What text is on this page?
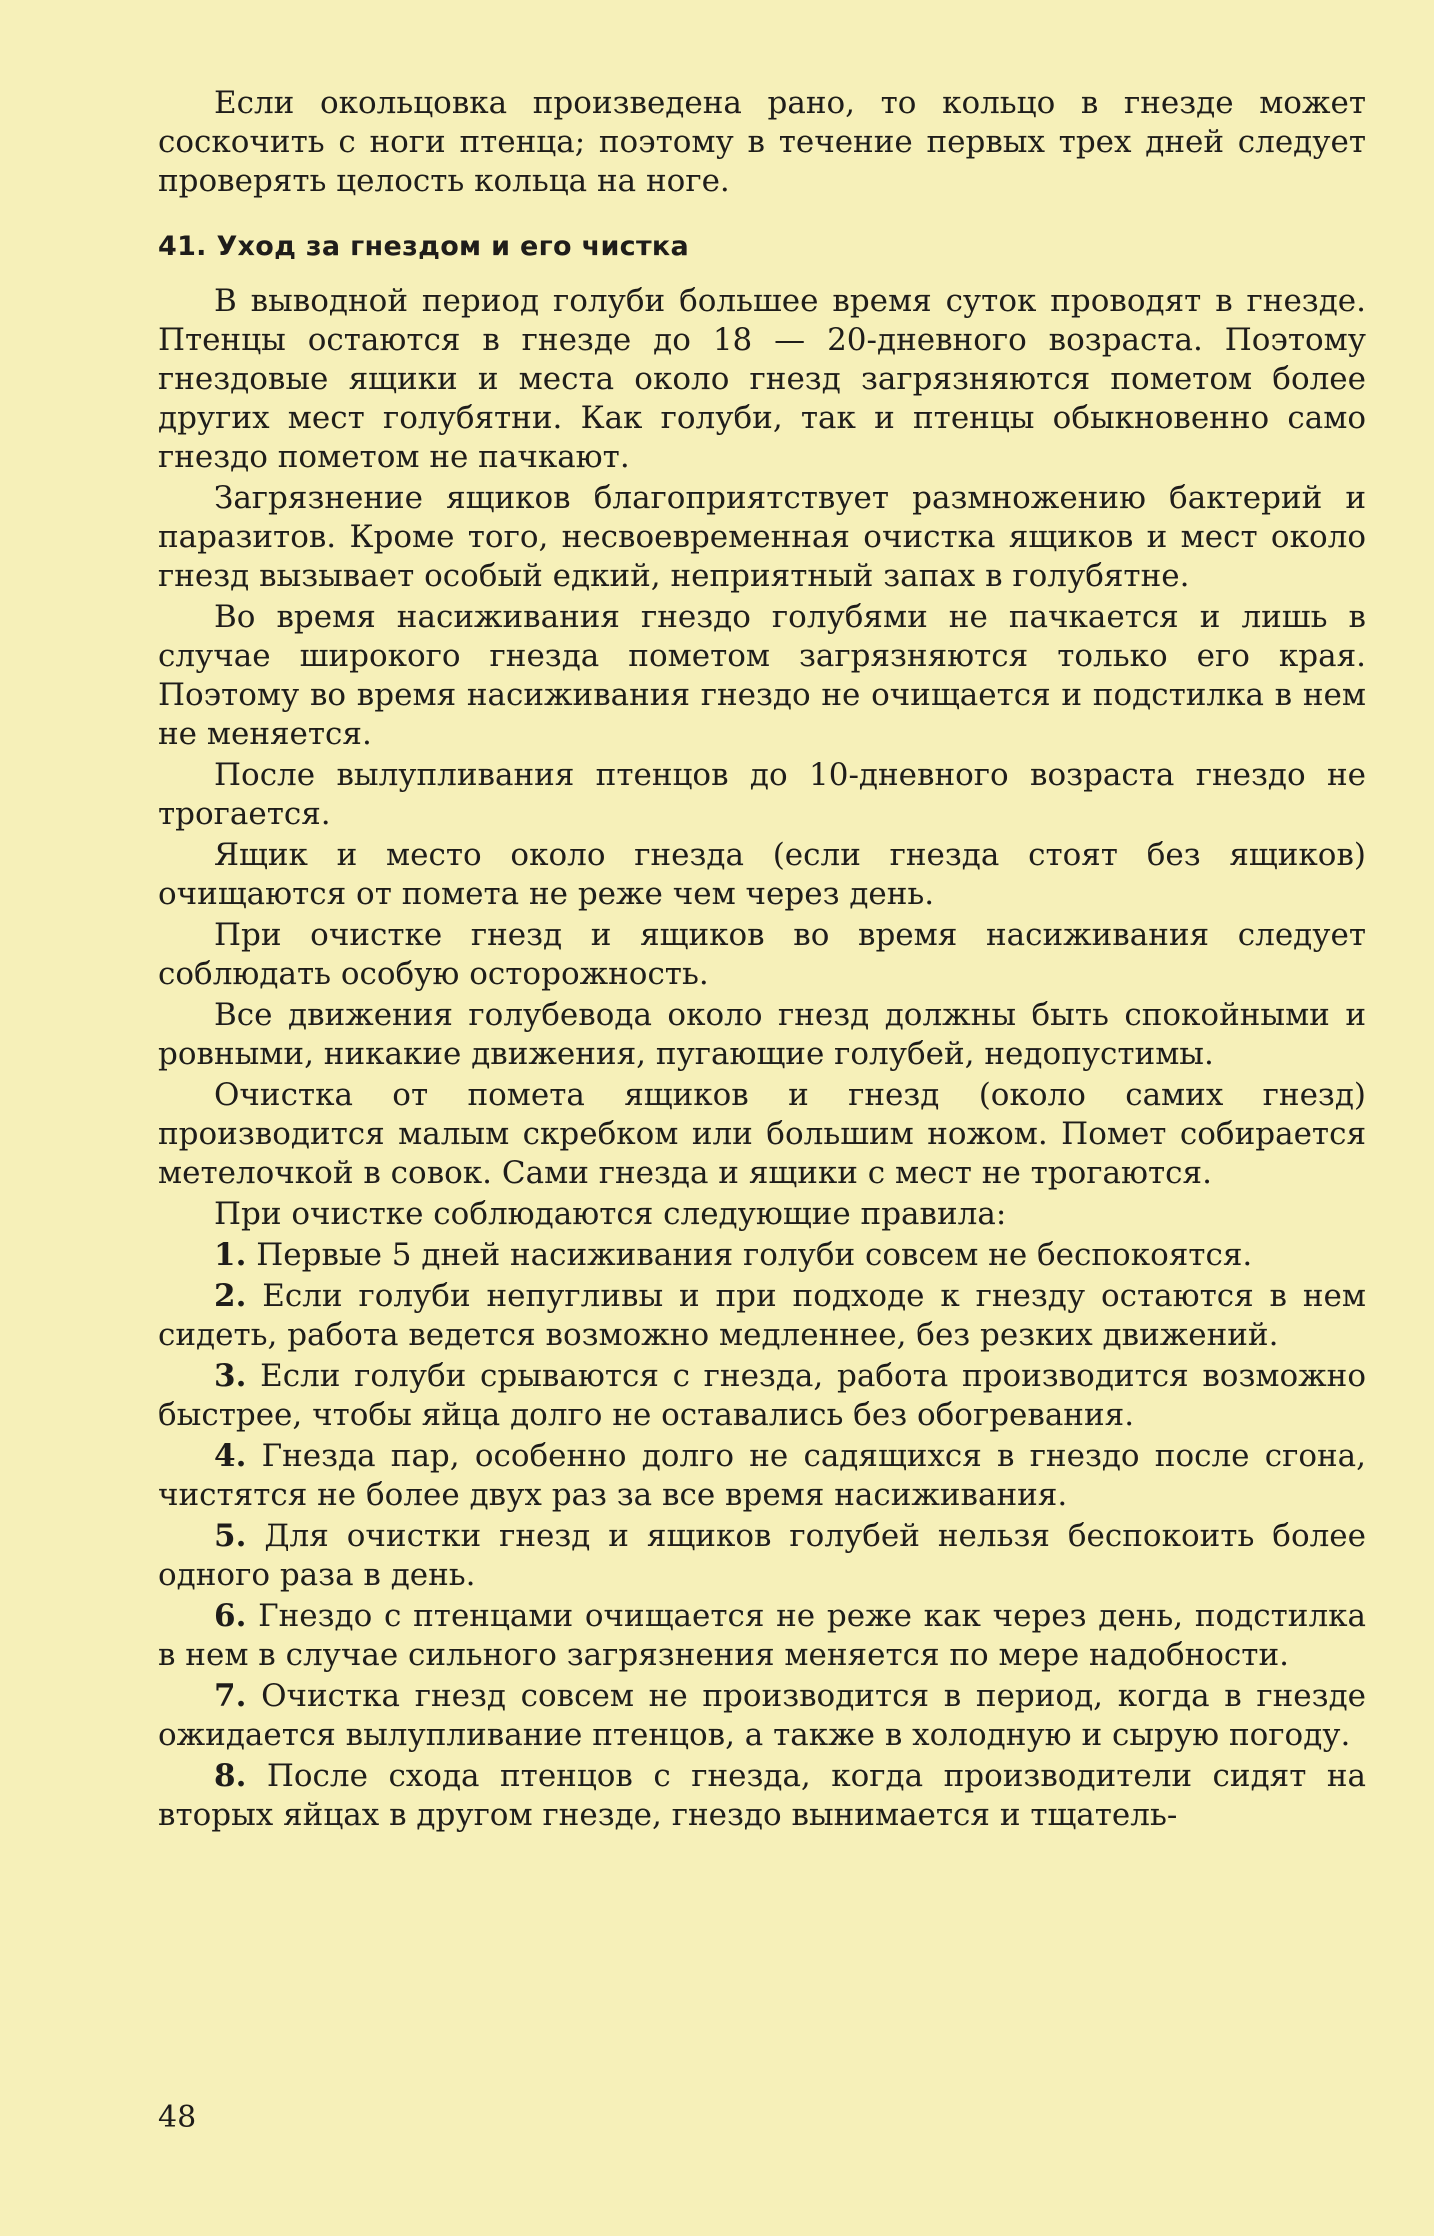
Если окольцовка произведена рано, то кольцо в гнезде может соскочить с ноги птенца; поэтому в течение первых трех дней следует проверять целость кольца на ноге.

41. Уход за гнездом и его чистка

В выводной период голуби большее время суток проводят в гнезде. Птенцы остаются в гнезде до 18 — 20-дневного возраста. Поэтому гнездовые ящики и места около гнезд загрязняются пометом более других мест голубятни. Как голуби, так и птенцы обыкновенно само гнездо пометом не пачкают.

Загрязнение ящиков благоприятствует размножению бактерий и паразитов. Кроме того, несвоевременная очистка ящиков и мест около гнезд вызывает особый едкий, неприятный запах в голубятне.

Во время насиживания гнездо голубями не пачкается и лишь в случае широкого гнезда пометом загрязняются только его края. Поэтому во время насиживания гнездо не очищается и подстилка в нем не меняется.

После вылупливания птенцов до 10-дневного возраста гнездо не трогается.

Ящик и место около гнезда (если гнезда стоят без ящиков) очищаются от помета не реже чем через день.

При очистке гнезд и ящиков во время насиживания следует соблюдать особую осторожность.

Все движения голубевода около гнезд должны быть спокойными и ровными, никакие движения, пугающие голубей, недопустимы.

Очистка от помета ящиков и гнезд (около самих гнезд) производится малым скребком или большим ножом. Помет собирается метелочкой в совок. Сами гнезда и ящики с мест не трогаются.

При очистке соблюдаются следующие правила:

1. Первые 5 дней насиживания голуби совсем не беспокоятся.

2. Если голуби непугливы и при подходе к гнезду остаются в нем сидеть, работа ведется возможно медленнее, без резких движений.

3. Если голуби срываются с гнезда, работа производится возможно быстрее, чтобы яйца долго не оставались без обогревания.

4. Гнезда пар, особенно долго не садящихся в гнездо после сгона, чистятся не более двух раз за все время насиживания.

5. Для очистки гнезд и ящиков голубей нельзя беспокоить более одного раза в день.

6. Гнездо с птенцами очищается не реже как через день, подстилка в нем в случае сильного загрязнения меняется по мере надобности.

7. Очистка гнезд совсем не производится в период, когда в гнезде ожидается вылупливание птенцов, а также в холодную и сырую погоду.

8. После схода птенцов с гнезда, когда производители сидят на вторых яйцах в другом гнезде, гнездо вынимается и тщатель-

48
